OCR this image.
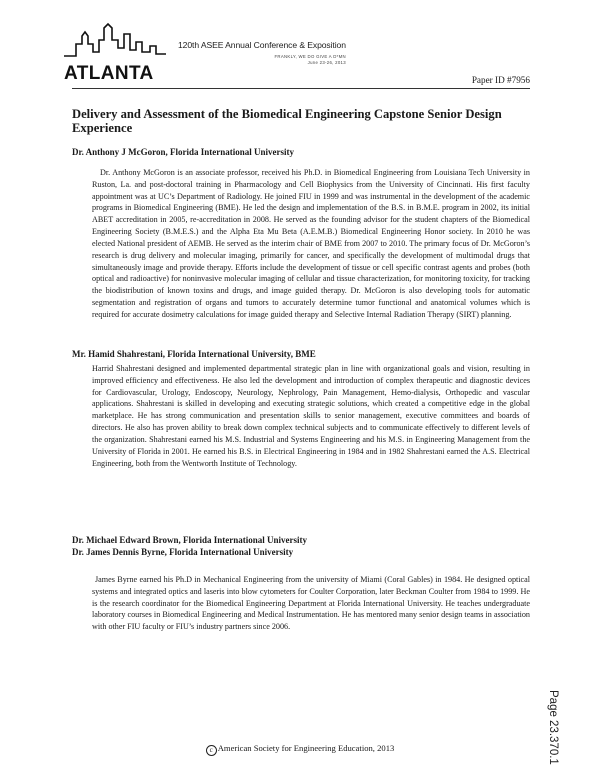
ATLANTA
120th ASEE Annual Conference & Exposition
FRANKLY, WE DO GIVE A D*MN
June 23-26, 2013
Paper ID #7956
Delivery and Assessment of the Biomedical Engineering Capstone Senior Design Experience
Dr. Anthony J McGoron, Florida International University

Dr. Anthony McGoron is an associate professor, received his Ph.D. in Biomedical Engineering from Louisiana Tech University in Ruston, La. and post-doctoral training in Pharmacology and Cell Biophysics from the University of Cincinnati. His first faculty appointment was at UC’s Department of Radiology. He joined FIU in 1999 and was instrumental in the development of the academic programs in Biomedical Engineering (BME). He led the design and implementation of the B.S. in B.M.E. program in 2002, its initial ABET accreditation in 2005, re-accreditation in 2008. He served as the founding advisor for the student chapters of the Biomedical Engineering Society (B.M.E.S.) and the Alpha Eta Mu Beta (A.E.M.B.) Biomedical Engineering Honor society. In 2010 he was elected National president of AEMB. He served as the interim chair of BME from 2007 to 2010. The primary focus of Dr. McGoron’s research is drug delivery and molecular imaging, primarily for cancer, and specifically the development of multimodal drugs that simultaneously image and provide therapy. Efforts include the development of tissue or cell specific contrast agents and probes (both optical and radioactive) for noninvasive molecular imaging of cellular and tissue characterization, for monitoring toxicity, for tracking the biodistribution of known toxins and drugs, and image guided therapy. Dr. McGoron is also developing tools for automatic segmentation and registration of organs and tumors to accurately determine tumor functional and anatomical volumes which is required for accurate dosimetry calculations for image guided therapy and Selective Internal Radiation Therapy (SIRT) planning.

Mr. Hamid Shahrestani, Florida International University, BME

Harrid Shahrestani designed and implemented departmental strategic plan in line with organizational goals and vision, resulting in improved efficiency and effectiveness. He also led the development and introduction of complex therapeutic and diagnostic devices for Cardiovascular, Urology, Endoscopy, Neurology, Nephrology, Pain Management, Hemo-dialysis, Orthopedic and vascular applications. Shahrestani is skilled in developing and executing strategic solutions, which created a competitive edge in the global marketplace. He has strong communication and presentation skills to senior management, executive committees and boards of directors. He also has proven ability to break down complex technical subjects and to communicate effectively to different levels of the organization. Shahrestani earned his M.S. Industrial and Systems Engineering and his M.S. in Engineering Management from the University of Florida in 2001. He earned his B.S. in Electrical Engineering in 1984 and in 1982 Shahrestani earned the A.S. Electrical Engineering, both from the Wentworth Institute of Technology.

Dr. Michael Edward Brown, Florida International University
Dr. James Dennis Byrne, Florida International University

James Byrne earned his Ph.D in Mechanical Engineering from the university of Miami (Coral Gables) in 1984. He designed optical systems and integrated optics and laseris into blow cytometers for Coulter Corporation, later Beckman Coulter from 1984 to 1999. He is the research coordinator for the Biomedical Engineering Department at Florida International University. He teaches undergraduate laboratory courses in Biomedical Engineering and Medical Instrumentation. He has mentored many senior design teams in association with other FIU faculty or FIU’s industry partners since 2006.

Page 23.370.1
c American Society for Engineering Education, 2013
